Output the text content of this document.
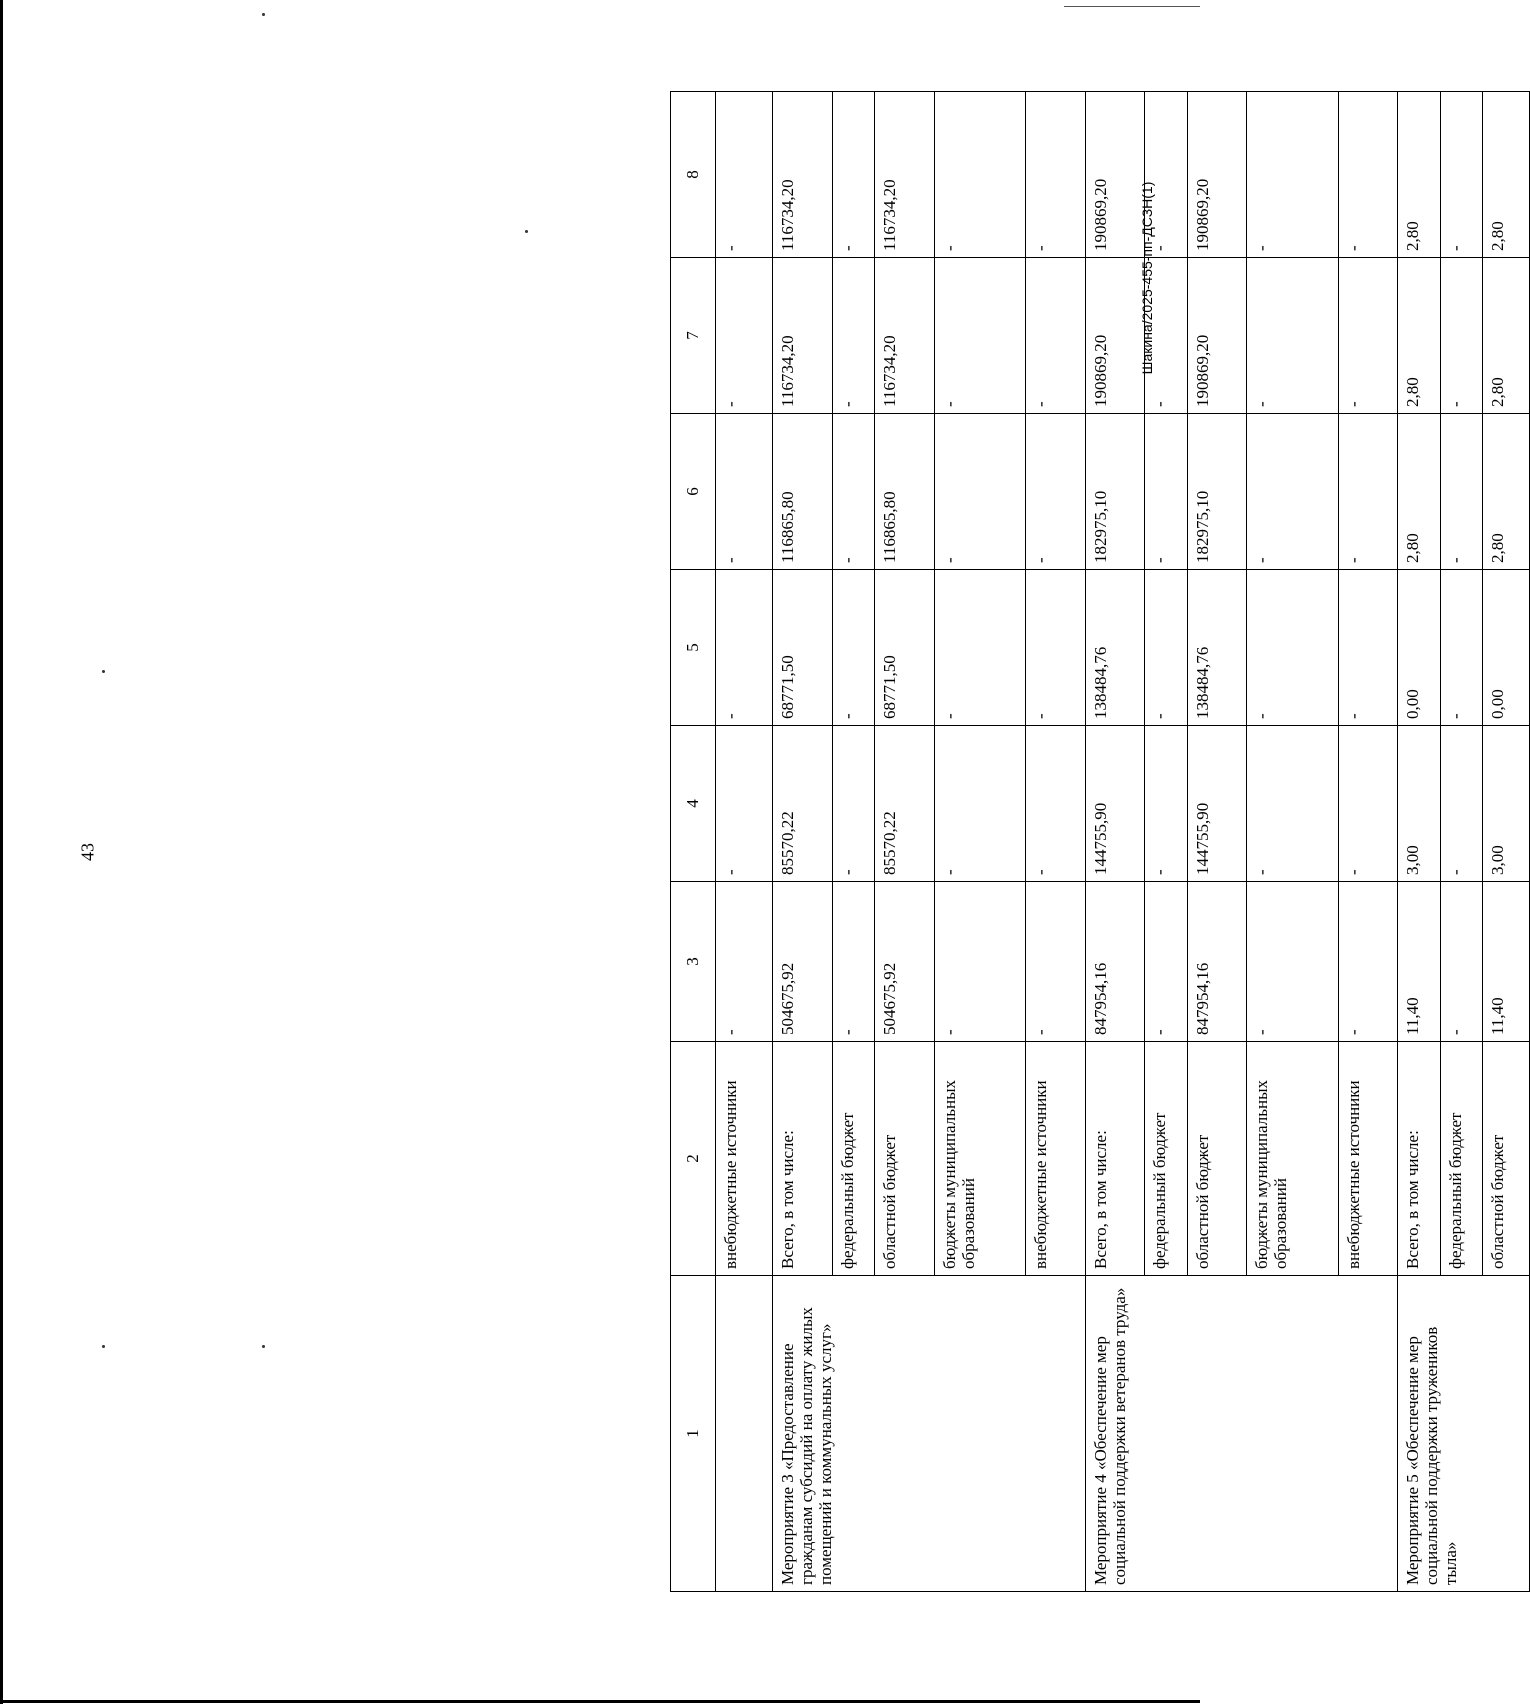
43
Шакина/2025-455-пп-ДСЗН(1)
1	2	3	4	5	6	7	8
	внебюджетные источники	-	-	-	-	-	-
Мероприятие 3 «Предоставление гражданам субсидий на оплату жилых помещений и коммунальных услуг»	Всего, в том числе:	504675,92	85570,22	68771,50	116865,80	116734,20	116734,20
	федеральный бюджет	-	-	-	-	-	-
	областной бюджет	504675,92	85570,22	68771,50	116865,80	116734,20	116734,20
	бюджеты муниципальных образований	-	-	-	-	-	-
	внебюджетные источники	-	-	-	-	-	-
Мероприятие 4 «Обеспечение мер социальной поддержки ветеранов труда»	Всего, в том числе:	847954,16	144755,90	138484,76	182975,10	190869,20	190869,20
	федеральный бюджет	-	-	-	-	-	-
	областной бюджет	847954,16	144755,90	138484,76	182975,10	190869,20	190869,20
	бюджеты муниципальных образований	-	-	-	-	-	-
	внебюджетные источники	-	-	-	-	-	-
Мероприятие 5 «Обеспечение мер социальной поддержки тружеников тыла»	Всего, в том числе:	11,40	3,00	0,00	2,80	2,80	2,80
	федеральный бюджет	-	-	-	-	-	-
	областной бюджет	11,40	3,00	0,00	2,80	2,80	2,80
